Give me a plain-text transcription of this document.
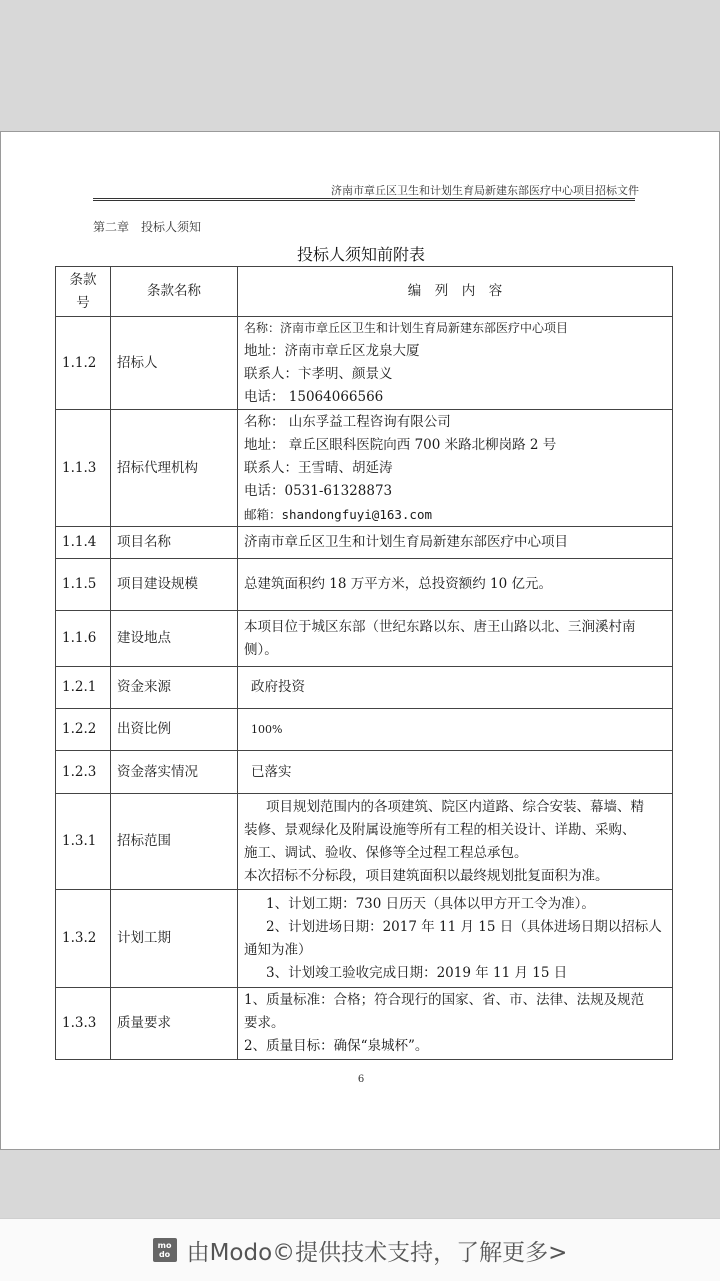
济南市章丘区卫生和计划生育局新建东部医疗中心项目招标文件
第二章　投标人须知
投标人须知前附表
条款
号	条款名称	编　列　内　容
1.1.2	招标人	名称：济南市章丘区卫生和计划生育局新建东部医疗中心项目
地址：济南市章丘区龙泉大厦
联系人：卞孝明、颜景义
电话： 15064066566

1.1.3	招标代理机构	名称： 山东孚益工程咨询有限公司
地址： 章丘区眼科医院向西 700 米路北柳岗路 2 号
联系人：王雪晴、胡延涛
电话：0531-61328873
邮箱：shandongfuyi@163.com

1.1.4	项目名称	济南市章丘区卫生和计划生育局新建东部医疗中心项目

1.1.5	项目建设规模	总建筑面积约 18 万平方米，总投资额约 10 亿元。

1.1.6	建设地点	本项目位于城区东部（世纪东路以东、唐王山路以北、三涧溪村南
侧）。

1.2.1	资金来源	政府投资

1.2.2	出资比例	100%

1.2.3	资金落实情况	已落实

1.3.1	招标范围	项目规划范围内的各项建筑、院区内道路、综合安装、幕墙、精
装修、景观绿化及附属设施等所有工程的相关设计、详勘、采购、
施工、调试、验收、保修等全过程工程总承包。
本次招标不分标段，项目建筑面积以最终规划批复面积为准。

1.3.2	计划工期	1、计划工期：730 日历天（具体以甲方开工令为准）。
2、计划进场日期：2017 年 11 月 15 日（具体进场日期以招标人
通知为准）
3、计划竣工验收完成日期：2019 年 11 月 15 日

1.3.3	质量要求	1、质量标准：合格；符合现行的国家、省、市、法律、法规及规范
要求。
2、质量目标：确保“泉城杯”。
6
mo
do 由Modo©提供技术支持，了解更多>
